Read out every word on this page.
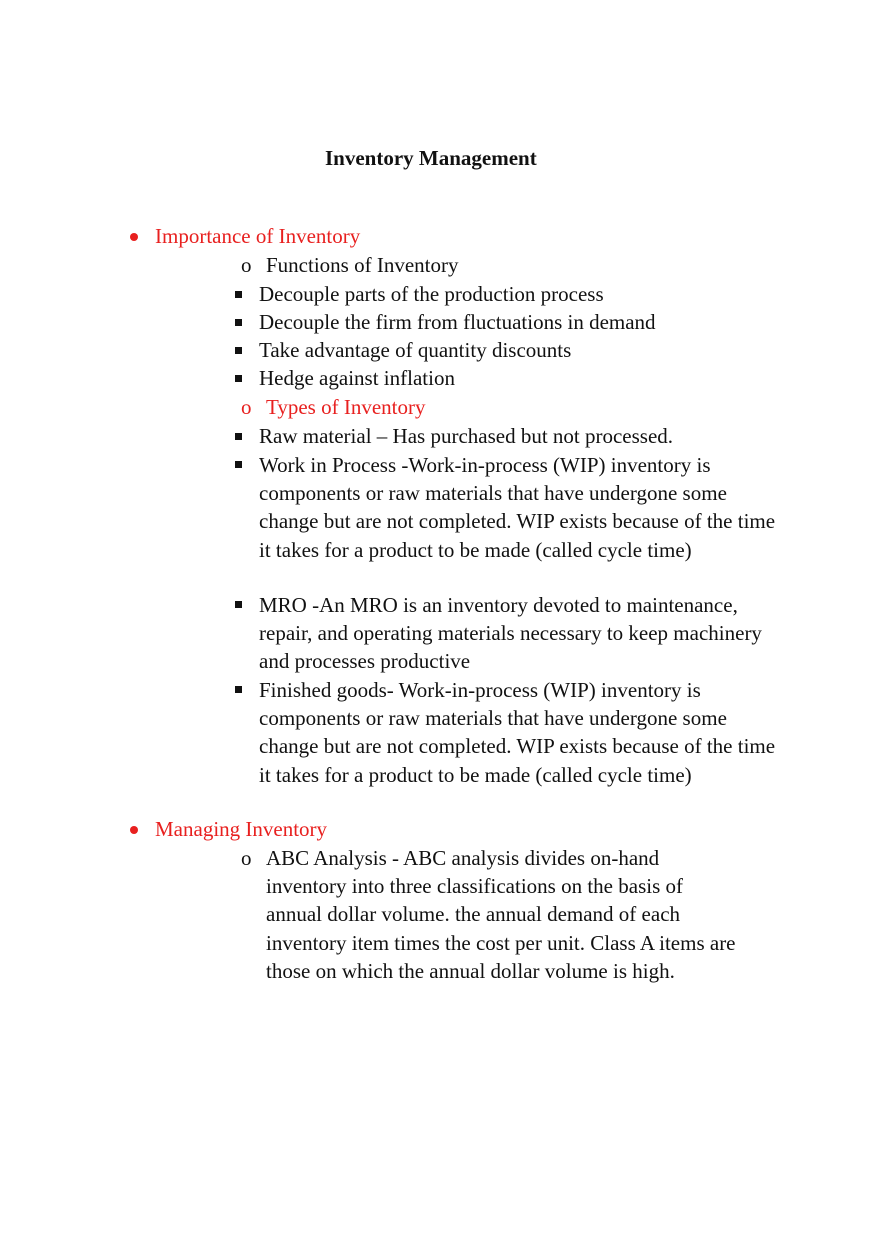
Inventory Management
Importance of Inventory
o Functions of Inventory
Decouple parts of the production process
Decouple the firm from fluctuations in demand
Take advantage of quantity discounts
Hedge against inflation
o Types of Inventory
Raw material – Has purchased but not processed.
Work in Process -Work-in-process (WIP) inventory is components or raw materials that have undergone some change but are not completed. WIP exists because of the time it takes for a product to be made (called cycle time)
MRO -An MRO is an inventory devoted to maintenance, repair, and operating materials necessary to keep machinery and processes productive
Finished goods- Work-in-process (WIP) inventory is components or raw materials that have undergone some change but are not completed. WIP exists because of the time it takes for a product to be made (called cycle time)
Managing Inventory
o ABC Analysis - ABC analysis divides on-hand inventory into three classifications on the basis of annual dollar volume. the annual demand of each inventory item times the cost per unit. Class A items are those on which the annual dollar volume is high.
